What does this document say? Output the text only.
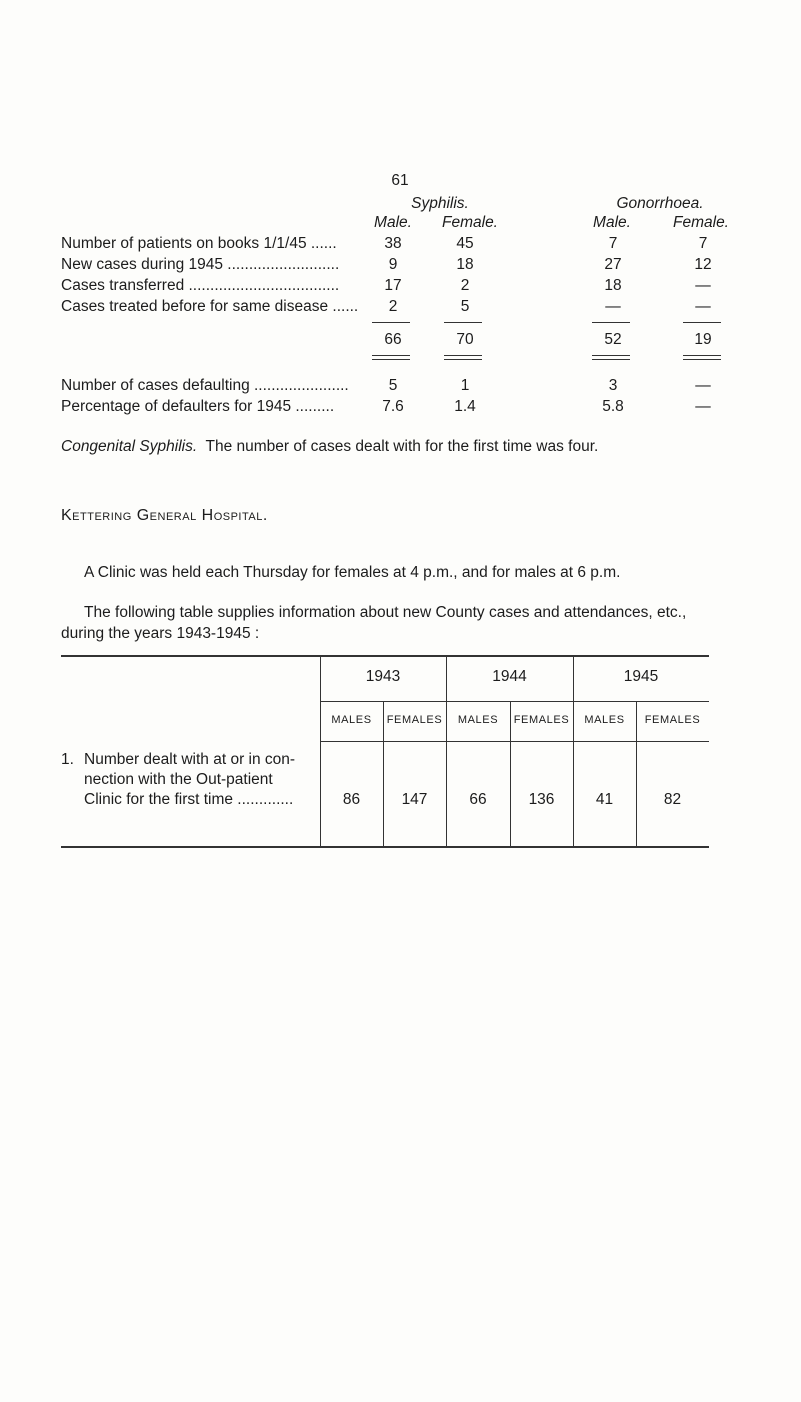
61
Syphilis.	Gonorrhoea.
Male.	Female.	Male.	Female.
Number of patients on books 1/1/45 ......	38	45	7	7
New cases during 1945 ..........................	9	18	27	12
Cases transferred ...................................	17	2	18	—
Cases treated before for same disease ......	2	5	—	—
66	70	52	19
Number of cases defaulting ......................	5	1	3	—
Percentage of defaulters for 1945 .........	7.6	1.4	5.8	—
Congenital Syphilis. The number of cases dealt with for the first time was four.
Kettering General Hospital.
A Clinic was held each Thursday for females at 4 p.m., and for males at 6 p.m.
The following table supplies information about new County cases and attendances, etc.,
during the years 1943-1945 :
1943	1944	1945
MALES	FEMALES	MALES	FEMALES	MALES	FEMALES
1. Number dealt with at or in con-
nection with the Out-patient
Clinic for the first time .............	86	147	66	136	41	82
